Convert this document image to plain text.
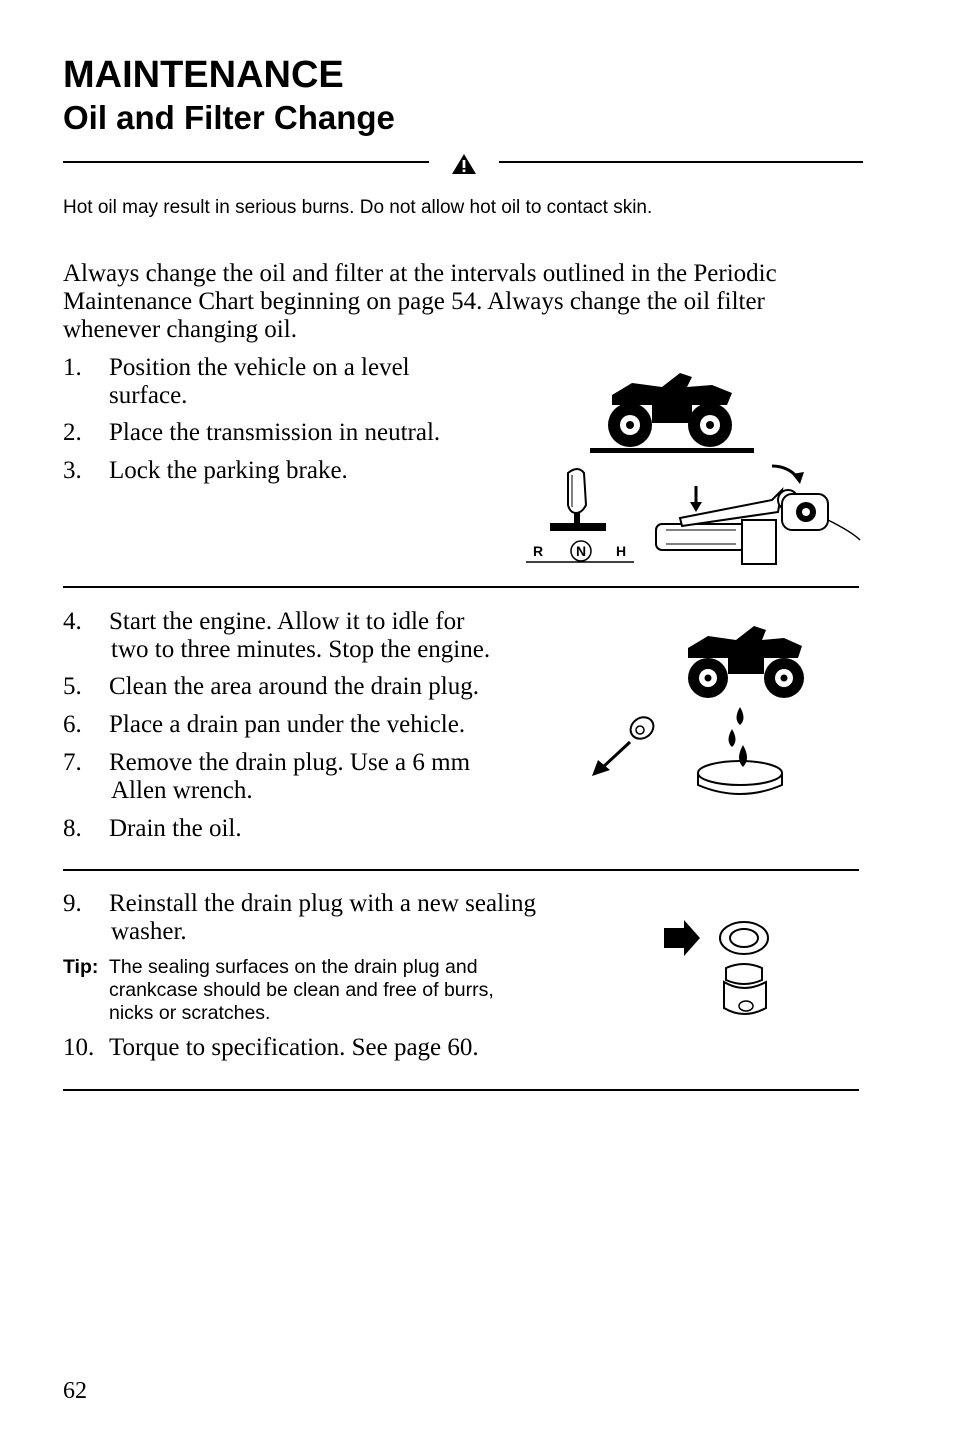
MAINTENANCE
Oil and Filter Change
Hot oil may result in serious burns. Do not allow hot oil to contact skin.
Always change the oil and filter at the intervals outlined in the Periodic Maintenance Chart beginning on page 54. Always change the oil filter whenever changing oil.
1. Position the vehicle on a level
surface.
2. Place the transmission in neutral.
3. Lock the parking brake.
R N H
4. Start the engine. Allow it to idle for
two to three minutes. Stop the engine.
5. Clean the area around the drain plug.
6. Place a drain pan under the vehicle.
7. Remove the drain plug. Use a 6 mm
Allen wrench.
8. Drain the oil.
9. Reinstall the drain plug with a new sealing
washer.
Tip: The sealing surfaces on the drain plug and
crankcase should be clean and free of burrs,
nicks or scratches.
10. Torque to specification. See page 60.
62
